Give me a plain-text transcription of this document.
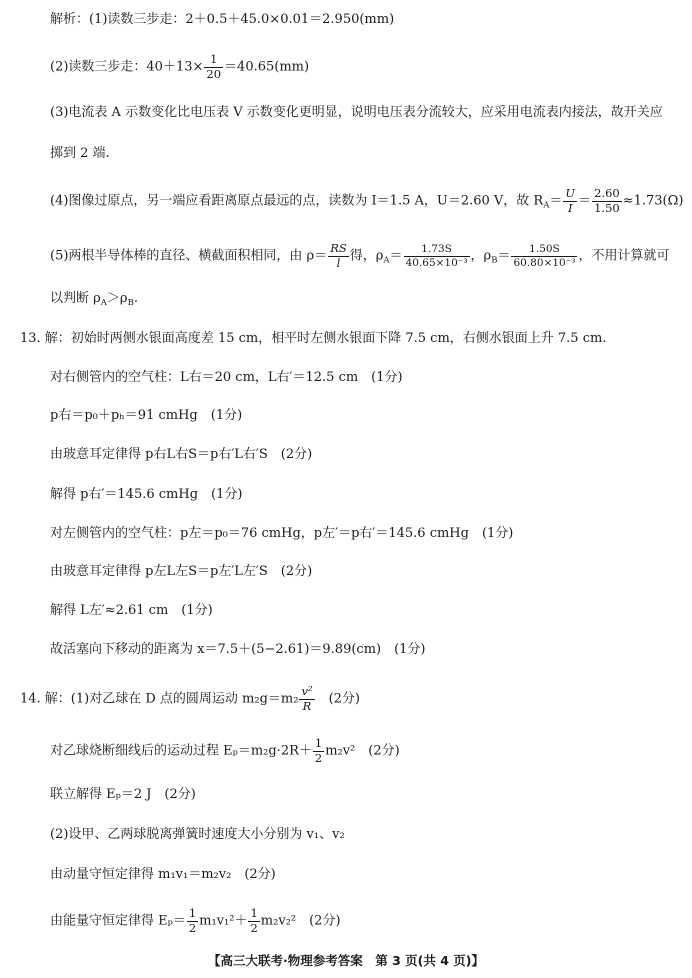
解析：(1)读数三步走：2＋0.5＋45.0×0.01＝2.950(mm)
(2)读数三步走：$40+13\times \frac{1}{20} =40.65(mm)$
(3)电流表 A 示数变化比电压表 V 示数变化更明显，说明电压表分流较大，应采用电流表内接法，故开关应
掷到 2 端.
(4)图像过原点，另一端应看距离原点最远的点，读数为 I＝1.5 A，U＝2.60 V，故 $R_A= \frac{U}{I} = \frac{2.60}{1.50} \approx 1.73(\Omega)$
(5)两根半导体棒的直径、横截面积相同，由 $\rho= \frac{RS}{l}$ 得，$\rho_A= \frac{1.73S}{\text{40.65×10⁻³}}$ ，$\rho_B= \frac{1.50S}{\text{60.80×10⁻³}}$ ，不用计算就可
以判断 $\rho_A>\rho_B$.
13. 解：初始时两侧水银面高度差 15 cm，相平时左侧水银面下降 7.5 cm，右侧水银面上升 7.5 cm.
对右侧管内的空气柱：L右＝20 cm，L右′＝12.5 cm　(1分)
p右＝p₀＋pₕ＝91 cmHg　(1分)
由玻意耳定律得 p右L右S＝p右′L右′S　(2分)
解得 p右′＝145.6 cmHg　(1分)
对左侧管内的空气柱：p左＝p₀＝76 cmHg，p左′＝p右′＝145.6 cmHg　(1分)
由玻意耳定律得 p左L左S＝p左′L左′S　(2分)
解得 L左′≈2.61 cm　(1分)
故活塞向下移动的距离为 x＝7.5＋(5−2.61)＝9.89(cm)　(1分)
14. 解：(1)对乙球在 D 点的圆周运动 $m_2g=m_2 \frac{\text{v²}}{R}$ 　(2分)
对乙球烧断细线后的运动过程 $E_p=m_2g\cdot 2R+ \frac{1}{2} m_2v^2$　(2分)
联立解得 Eₚ＝2 J　(2分)
(2)设甲、乙两球脱离弹簧时速度大小分别为 v₁、v₂
由动量守恒定律得 m₁v₁＝m₂v₂　(2分)
由能量守恒定律得 $E_p= \frac{1}{2} m_1v_1^2+ \frac{1}{2} m_2v_2^2$　(2分)
【高三大联考·物理参考答案　第 3 页(共 4 页)】
